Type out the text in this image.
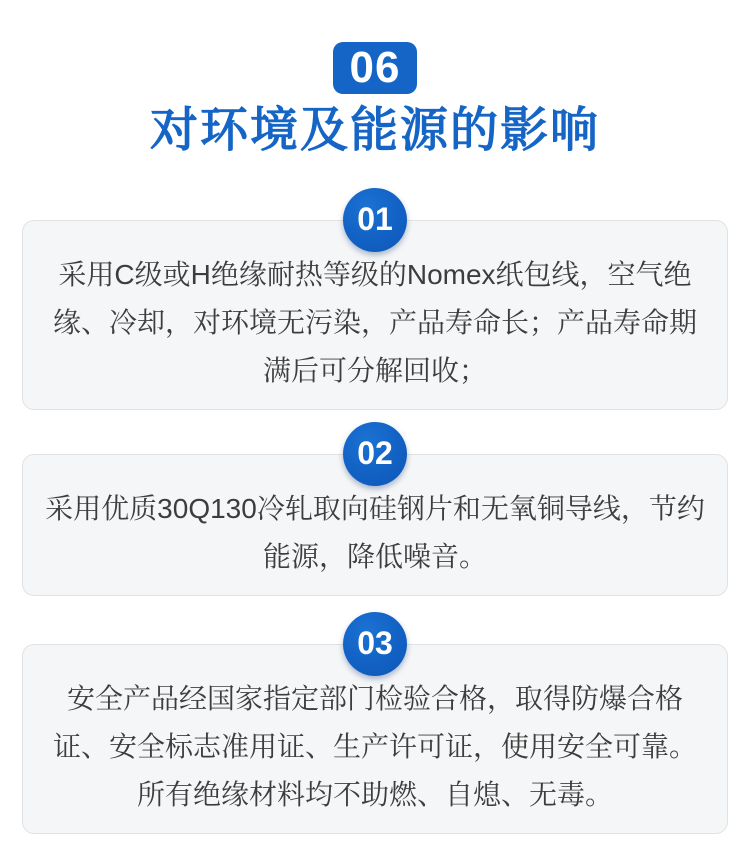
06
对环境及能源的影响
01

采用C级或H绝缘耐热等级的Nomex纸包线，空气绝缘、冷却，对环境无污染，产品寿命长；产品寿命期满后可分解回收；

02

采用优质30Q130冷轧取向硅钢片和无氧铜导线，节约能源，降低噪音。

03

安全产品经国家指定部门检验合格，取得防爆合格证、安全标志准用证、生产许可证，使用安全可靠。所有绝缘材料均不助燃、自熄、无毒。
